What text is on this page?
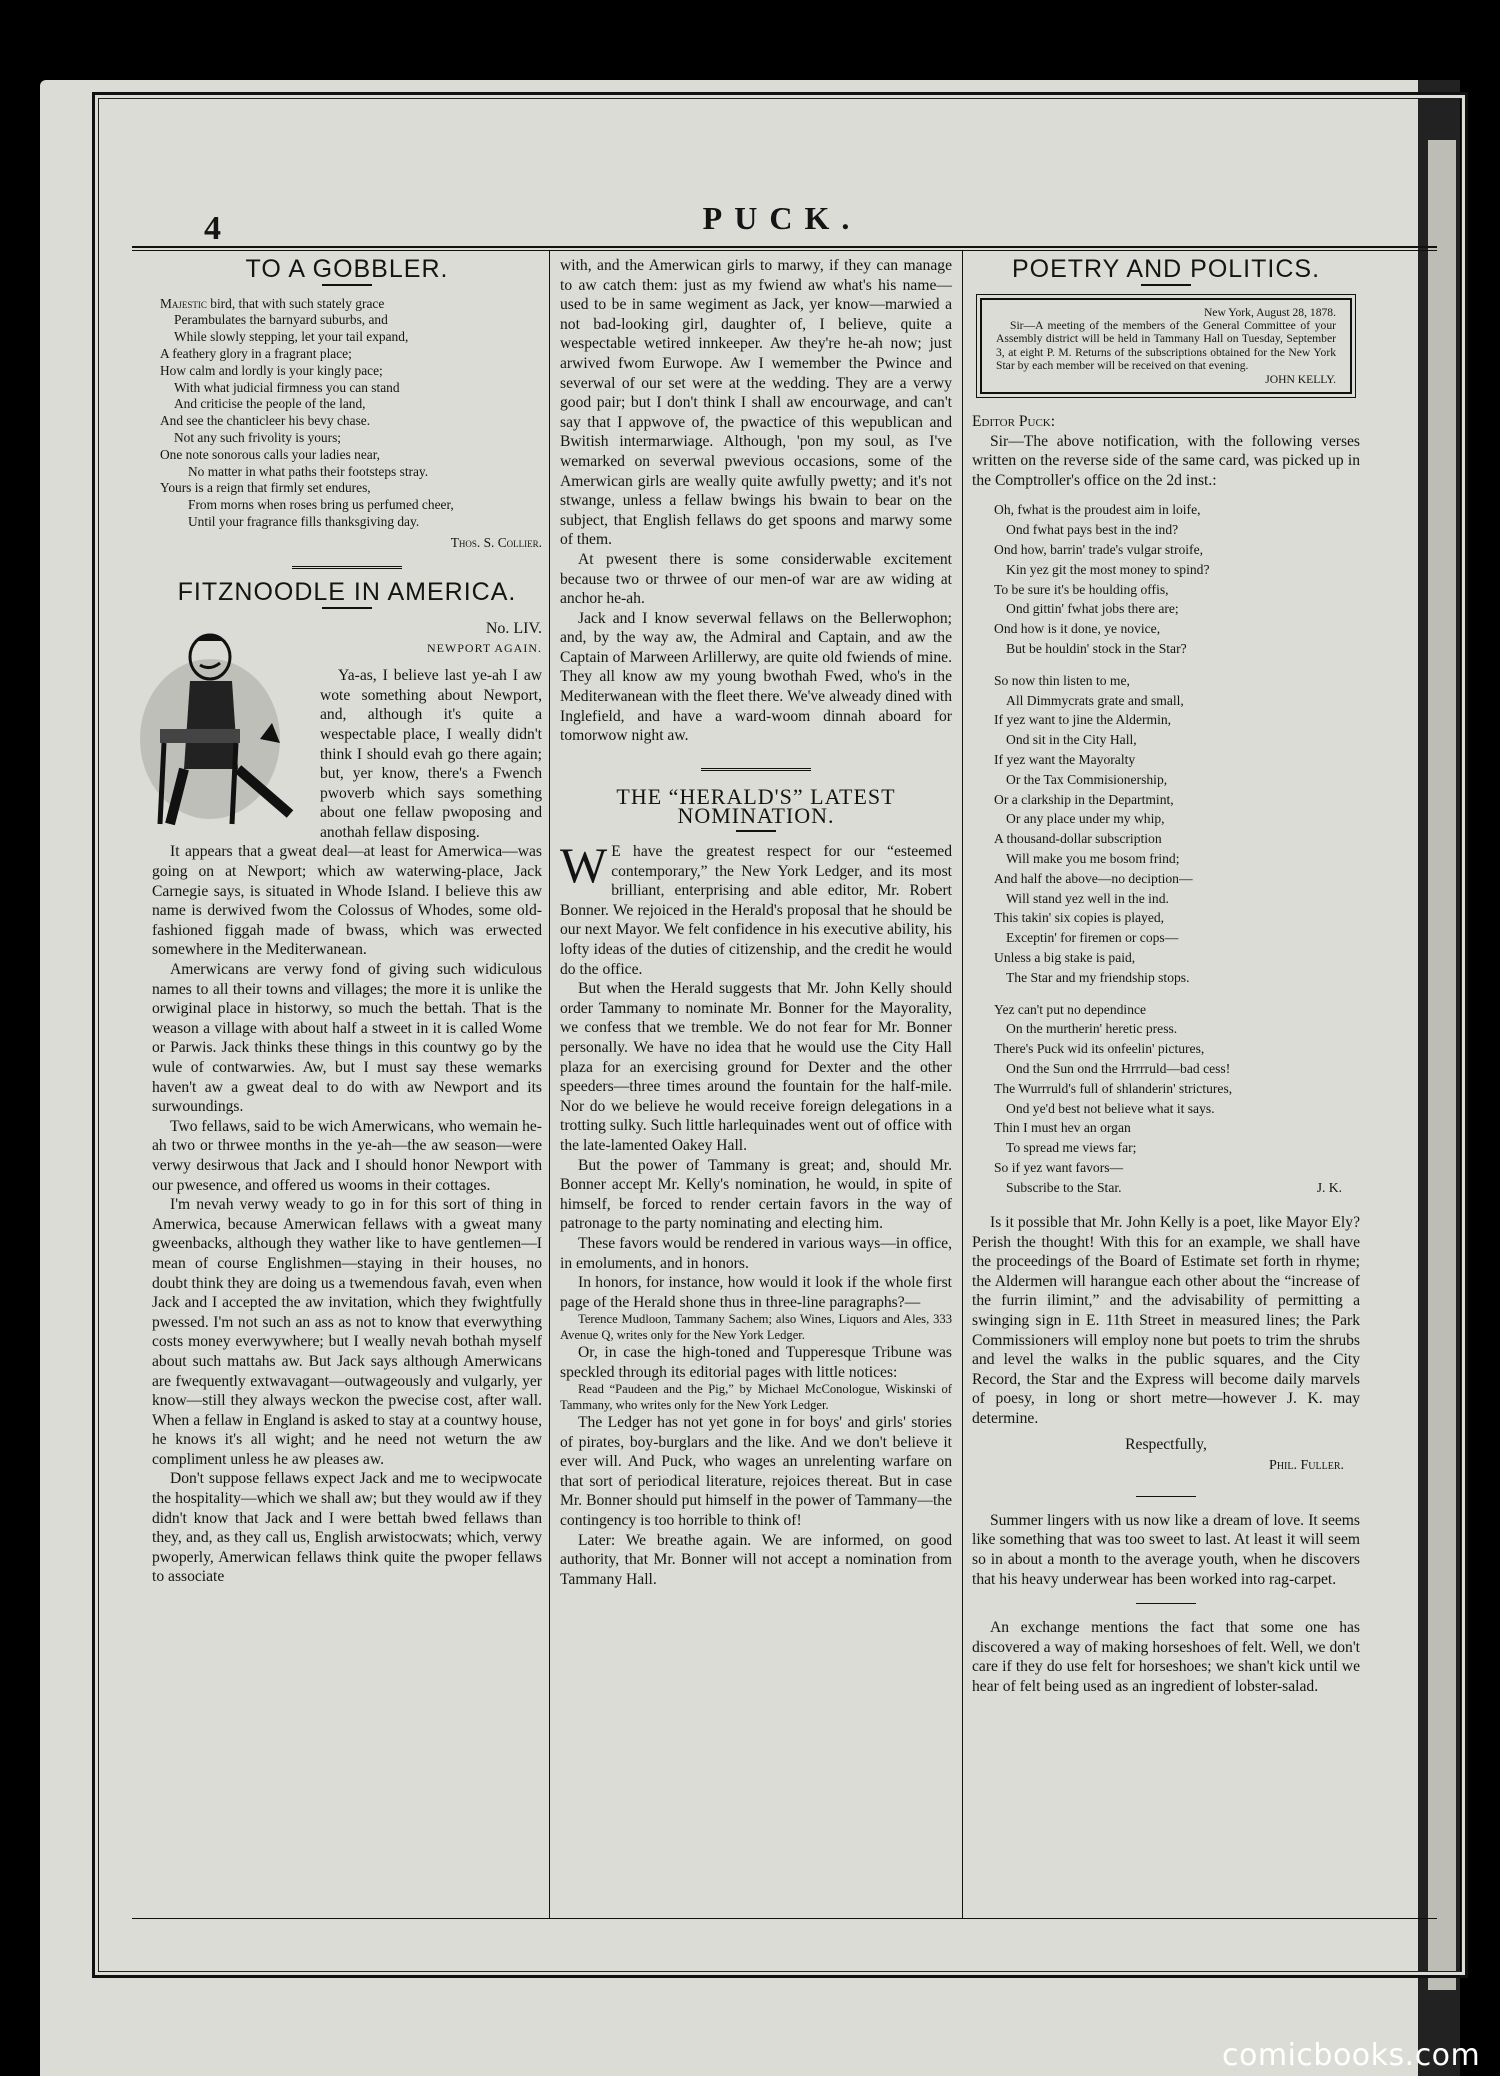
4	PUCK.
TO A GOBBLER.
Majestic bird, that with such stately grace
Perambulates the barnyard suburbs, and
While slowly stepping, let your tail expand,
A feathery glory in a fragrant place;
How calm and lordly is your kingly pace;
With what judicial firmness you can stand
And criticise the people of the land,
And see the chanticleer his bevy chase.
Not any such frivolity is yours;
One note sonorous calls your ladies near,
No matter in what paths their footsteps stray.
Yours is a reign that firmly set endures,
From morns when roses bring us perfumed cheer,
Until your fragrance fills thanksgiving day.
Thos. S. Collier.
FITZNOODLE IN AMERICA.
No. LIV.
NEWPORT AGAIN.

Ya-as, I believe last ye-ah I aw wote something about Newport, and, although it's quite a wespectable place, I weally didn't think I should evah go there again; but, yer know, there's a Fwench pwoverb which says something about one fellaw pwoposing and anothah fellaw disposing.

It appears that a gweat deal—at least for Amerwica—was going on at Newport; which aw waterwing-place, Jack Carnegie says, is situated in Whode Island. I believe this aw name is derwived fwom the Colossus of Whodes, some old-fashioned figgah made of bwass, which was erwected somewhere in the Mediterwanean.

Amerwicans are verwy fond of giving such widiculous names to all their towns and villages; the more it is unlike the orwiginal place in historwy, so much the bettah. That is the weason a village with about half a stweet in it is called Wome or Parwis. Jack thinks these things in this countwy go by the wule of contwarwies. Aw, but I must say these wemarks haven't aw a gweat deal to do with aw Newport and its surwoundings.

Two fellaws, said to be wich Amerwicans, who wemain he-ah two or thrwee months in the ye-ah—the aw season—were verwy desirwous that Jack and I should honor Newport with our pwesence, and offered us wooms in their cottages.

I'm nevah verwy weady to go in for this sort of thing in Amerwica, because Amerwican fellaws with a gweat many gweenbacks, although they wather like to have gentlemen—I mean of course Englishmen—staying in their houses, no doubt think they are doing us a twemendous favah, even when Jack and I accepted the aw invitation, which they fwightfully pwessed. I'm not such an ass as not to know that everwything costs money everwywhere; but I weally nevah bothah myself about such mattahs aw. But Jack says although Amerwicans are fwequently extwavagant—outwageously and vulgarly, yer know—still they always weckon the pwecise cost, after wall. When a fellaw in England is asked to stay at a countwy house, he knows it's all wight; and he need not weturn the aw compliment unless he aw pleases aw.

Don't suppose fellaws expect Jack and me to wecipwocate the hospitality—which we shall aw; but they would aw if they didn't know that Jack and I were bettah bwed fellaws than they, and, as they call us, English arwistocwats; which, verwy pwoperly, Amerwican fellaws think quite the pwoper fellaws to associate

with, and the Amerwican girls to marwy, if they can manage to aw catch them: just as my fwiend aw what's his name—used to be in same wegiment as Jack, yer know—marwied a not bad-looking girl, daughter of, I believe, quite a wespectable wetired innkeeper. Aw they're he-ah now; just arwived fwom Eurwope. Aw I wemember the Pwince and severwal of our set were at the wedding. They are a verwy good pair; but I don't think I shall aw encourwage, and can't say that I appwove of, the pwactice of this wepublican and Bwitish intermarwiage. Although, 'pon my soul, as I've wemarked on severwal pwevious occasions, some of the Amerwican girls are weally quite awfully pwetty; and it's not stwange, unless a fellaw bwings his bwain to bear on the subject, that English fellaws do get spoons and marwy some of them.

At pwesent there is some considerwable excitement because two or thrwee of our men-of war are aw widing at anchor he-ah.

Jack and I know severwal fellaws on the Bellerwophon; and, by the way aw, the Admiral and Captain, and aw the Captain of Marween Arlillerwy, are quite old fwiends of mine. They all know aw my young bwothah Fwed, who's in the Mediterwanean with the fleet there. We've alweady dined with Inglefield, and have a ward-woom dinnah aboard for tomorwow night aw.

THE “HERALD'S” LATEST NOMINATION.

W E have the greatest respect for our “esteemed contemporary,” the New York Ledger, and its most brilliant, enterprising and able editor, Mr. Robert Bonner. We rejoiced in the Herald's proposal that he should be our next Mayor. We felt confidence in his executive ability, his lofty ideas of the duties of citizenship, and the credit he would do the office.

But when the Herald suggests that Mr. John Kelly should order Tammany to nominate Mr. Bonner for the Mayorality, we confess that we tremble. We do not fear for Mr. Bonner personally. We have no idea that he would use the City Hall plaza for an exercising ground for Dexter and the other speeders—three times around the fountain for the half-mile. Nor do we believe he would receive foreign delegations in a trotting sulky. Such little harlequinades went out of office with the late-lamented Oakey Hall.

But the power of Tammany is great; and, should Mr. Bonner accept Mr. Kelly's nomination, he would, in spite of himself, be forced to render certain favors in the way of patronage to the party nominating and electing him.

These favors would be rendered in various ways—in office, in emoluments, and in honors.

In honors, for instance, how would it look if the whole first page of the Herald shone thus in three-line paragraphs?—

Terence Mudloon, Tammany Sachem; also Wines, Liquors and Ales, 333 Avenue Q, writes only for the New York Ledger.

Or, in case the high-toned and Tupperesque Tribune was speckled through its editorial pages with little notices:

Read “Paudeen and the Pig,” by Michael McConologue, Wiskinski of Tammany, who writes only for the New York Ledger.

The Ledger has not yet gone in for boys' and girls' stories of pirates, boy-burglars and the like. And we don't believe it ever will. And Puck, who wages an unrelenting warfare on that sort of periodical literature, rejoices thereat. But in case Mr. Bonner should put himself in the power of Tammany—the contingency is too horrible to think of!

Later: We breathe again. We are informed, on good authority, that Mr. Bonner will not accept a nomination from Tammany Hall.

POETRY AND POLITICS.
New York, August 28, 1878.
Sir—A meeting of the members of the General Committee of your Assembly district will be held in Tammany Hall on Tuesday, September 3, at eight P. M. Returns of the subscriptions obtained for the New York Star by each member will be received on that evening.
JOHN KELLY.

Editor Puck:

Sir—The above notification, with the following verses written on the reverse side of the same card, was picked up in the Comptroller's office on the 2d inst.:

Oh, fwhat is the proudest aim in loife,
Ond fwhat pays best in the ind?
Ond how, barrin' trade's vulgar stroife,
Kin yez git the most money to spind?
To be sure it's be houlding offis,
Ond gittin' fwhat jobs there are;
Ond how is it done, ye novice,
But be houldin' stock in the Star?
So now thin listen to me,
All Dimmycrats grate and small,
If yez want to jine the Aldermin,
Ond sit in the City Hall,
If yez want the Mayoralty
Or the Tax Commisionership,
Or a clarkship in the Departmint,
Or any place under my whip,
A thousand-dollar subscription
Will make you me bosom frind;
And half the above—no deciption—
Will stand yez well in the ind.
This takin' six copies is played,
Exceptin' for firemen or cops—
Unless a big stake is paid,
The Star and my friendship stops.
Yez can't put no dependince
On the murtherin' heretic press.
There's Puck wid its onfeelin' pictures,
Ond the Sun ond the Hrrrruld—bad cess!
The Wurrruld's full of shlanderin' strictures,
Ond ye'd best not believe what it says.
Thin I must hev an organ
To spread me views far;
So if yez want favors—
Subscribe to the Star.	J. K.

Is it possible that Mr. John Kelly is a poet, like Mayor Ely? Perish the thought! With this for an example, we shall have the proceedings of the Board of Estimate set forth in rhyme; the Aldermen will harangue each other about the “increase of the furrin ilimint,” and the advisability of permitting a swinging sign in E. 11th Street in measured lines; the Park Commissioners will employ none but poets to trim the shrubs and level the walks in the public squares, and the City Record, the Star and the Express will become daily marvels of poesy, in long or short metre—however J. K. may determine.

Respectfully,
Phil. Fuller.

Summer lingers with us now like a dream of love. It seems like something that was too sweet to last. At least it will seem so in about a month to the average youth, when he discovers that his heavy underwear has been worked into rag-carpet.

An exchange mentions the fact that some one has discovered a way of making horseshoes of felt. Well, we don't care if they do use felt for horseshoes; we shan't kick until we hear of felt being used as an ingredient of lobster-salad.

comicbooks.com
